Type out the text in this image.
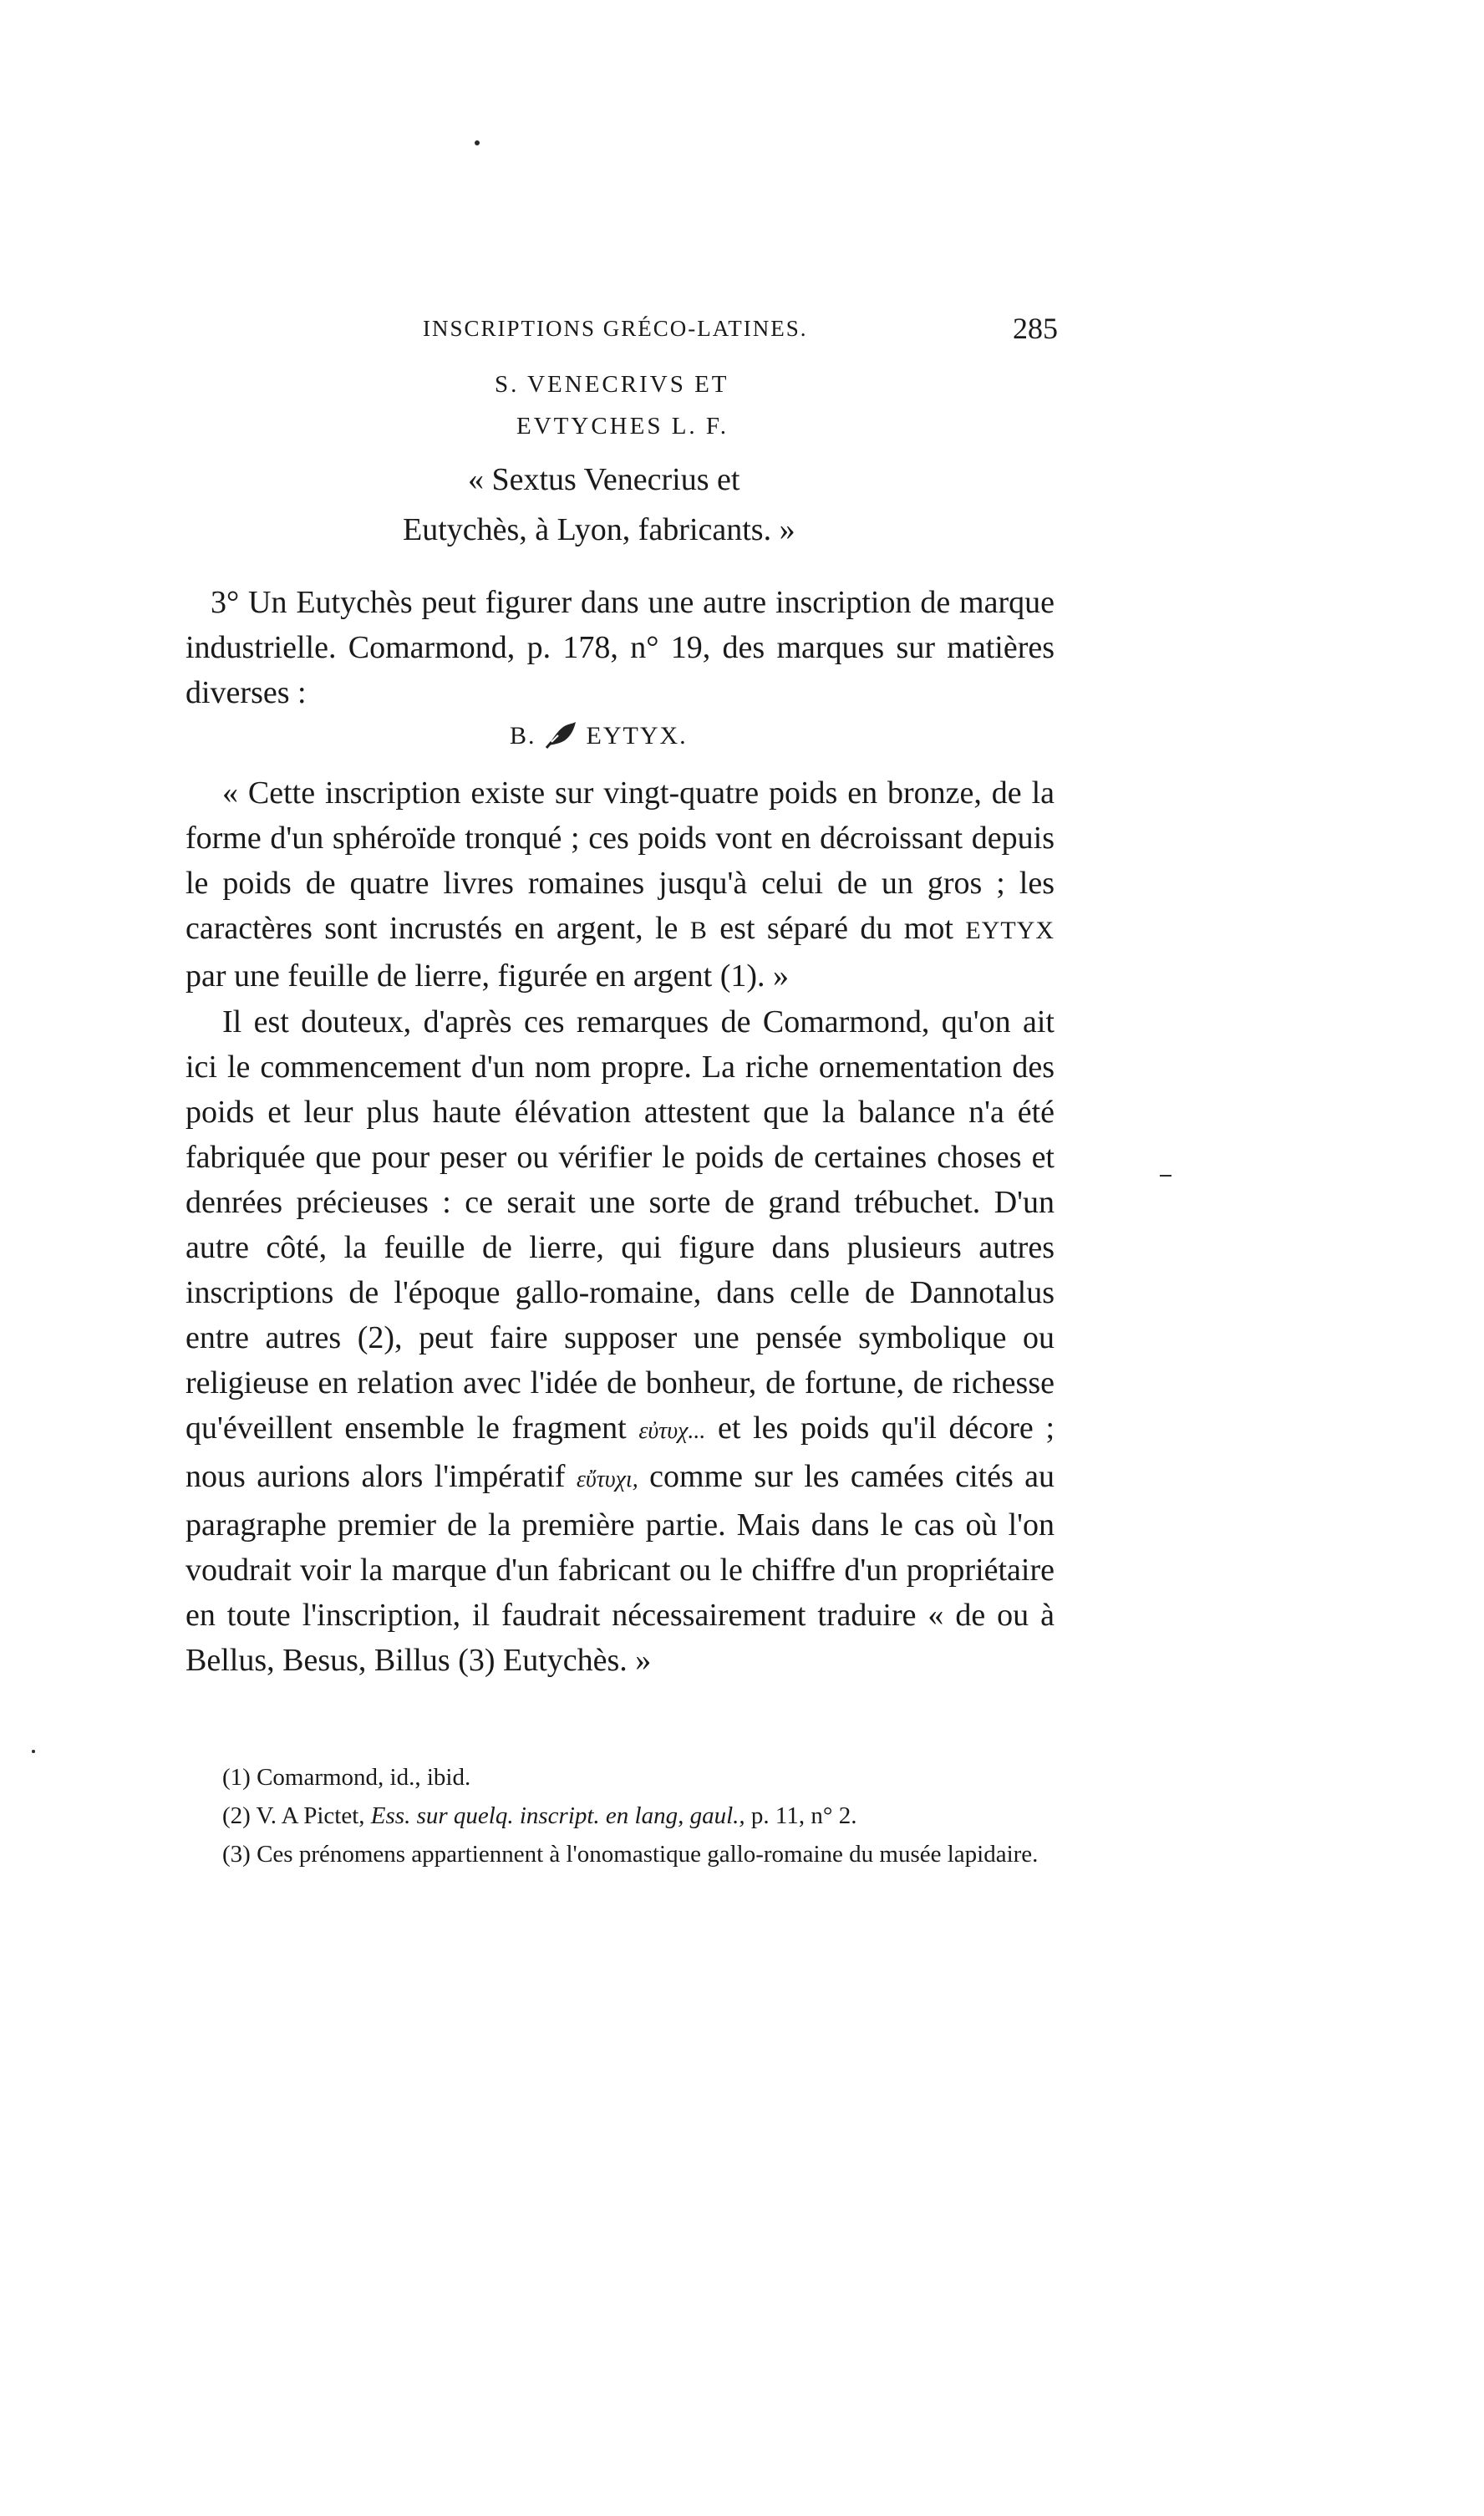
INSCRIPTIONS GRÉCO-LATINES.	285
S. VENECRIVS ET
EVTYCHES L. F.
« Sextus Venecrius et
Eutychès, à Lyon, fabricants. »

3° Un Eutychès peut figurer dans une autre inscription de marque industrielle. Comarmond, p. 178, n° 19, des marques sur matières diverses :

B. EYTYX.

« Cette inscription existe sur vingt-quatre poids en bronze, de la forme d'un sphéroïde tronqué ; ces poids vont en décroissant depuis le poids de quatre livres romaines jusqu'à celui de un gros ; les caractères sont incrustés en argent, le B est séparé du mot EYTYX par une feuille de lierre, figurée en argent (1). »

Il est douteux, d'après ces remarques de Comarmond, qu'on ait ici le commencement d'un nom propre. La riche ornementation des poids et leur plus haute élévation attestent que la balance n'a été fabriquée que pour peser ou vérifier le poids de certaines choses et denrées précieuses : ce serait une sorte de grand trébuchet. D'un autre côté, la feuille de lierre, qui figure dans plusieurs autres inscriptions de l'époque gallo-romaine, dans celle de Dannotalus entre autres (2), peut faire supposer une pensée symbolique ou religieuse en relation avec l'idée de bonheur, de fortune, de richesse qu'éveillent ensemble le fragment εὐτυχ... et les poids qu'il décore ; nous aurions alors l'impératif εὔτυχι, comme sur les camées cités au paragraphe premier de la première partie. Mais dans le cas où l'on voudrait voir la marque d'un fabricant ou le chiffre d'un propriétaire en toute l'inscription, il faudrait nécessairement traduire « de ou à Bellus, Besus, Billus (3) Eutychès. »

(1) Comarmond, id., ibid.

(2) V. A Pictet, Ess. sur quelq. inscript. en lang, gaul., p. 11, n° 2.

(3) Ces prénomens appartiennent à l'onomastique gallo-romaine du musée lapidaire.
